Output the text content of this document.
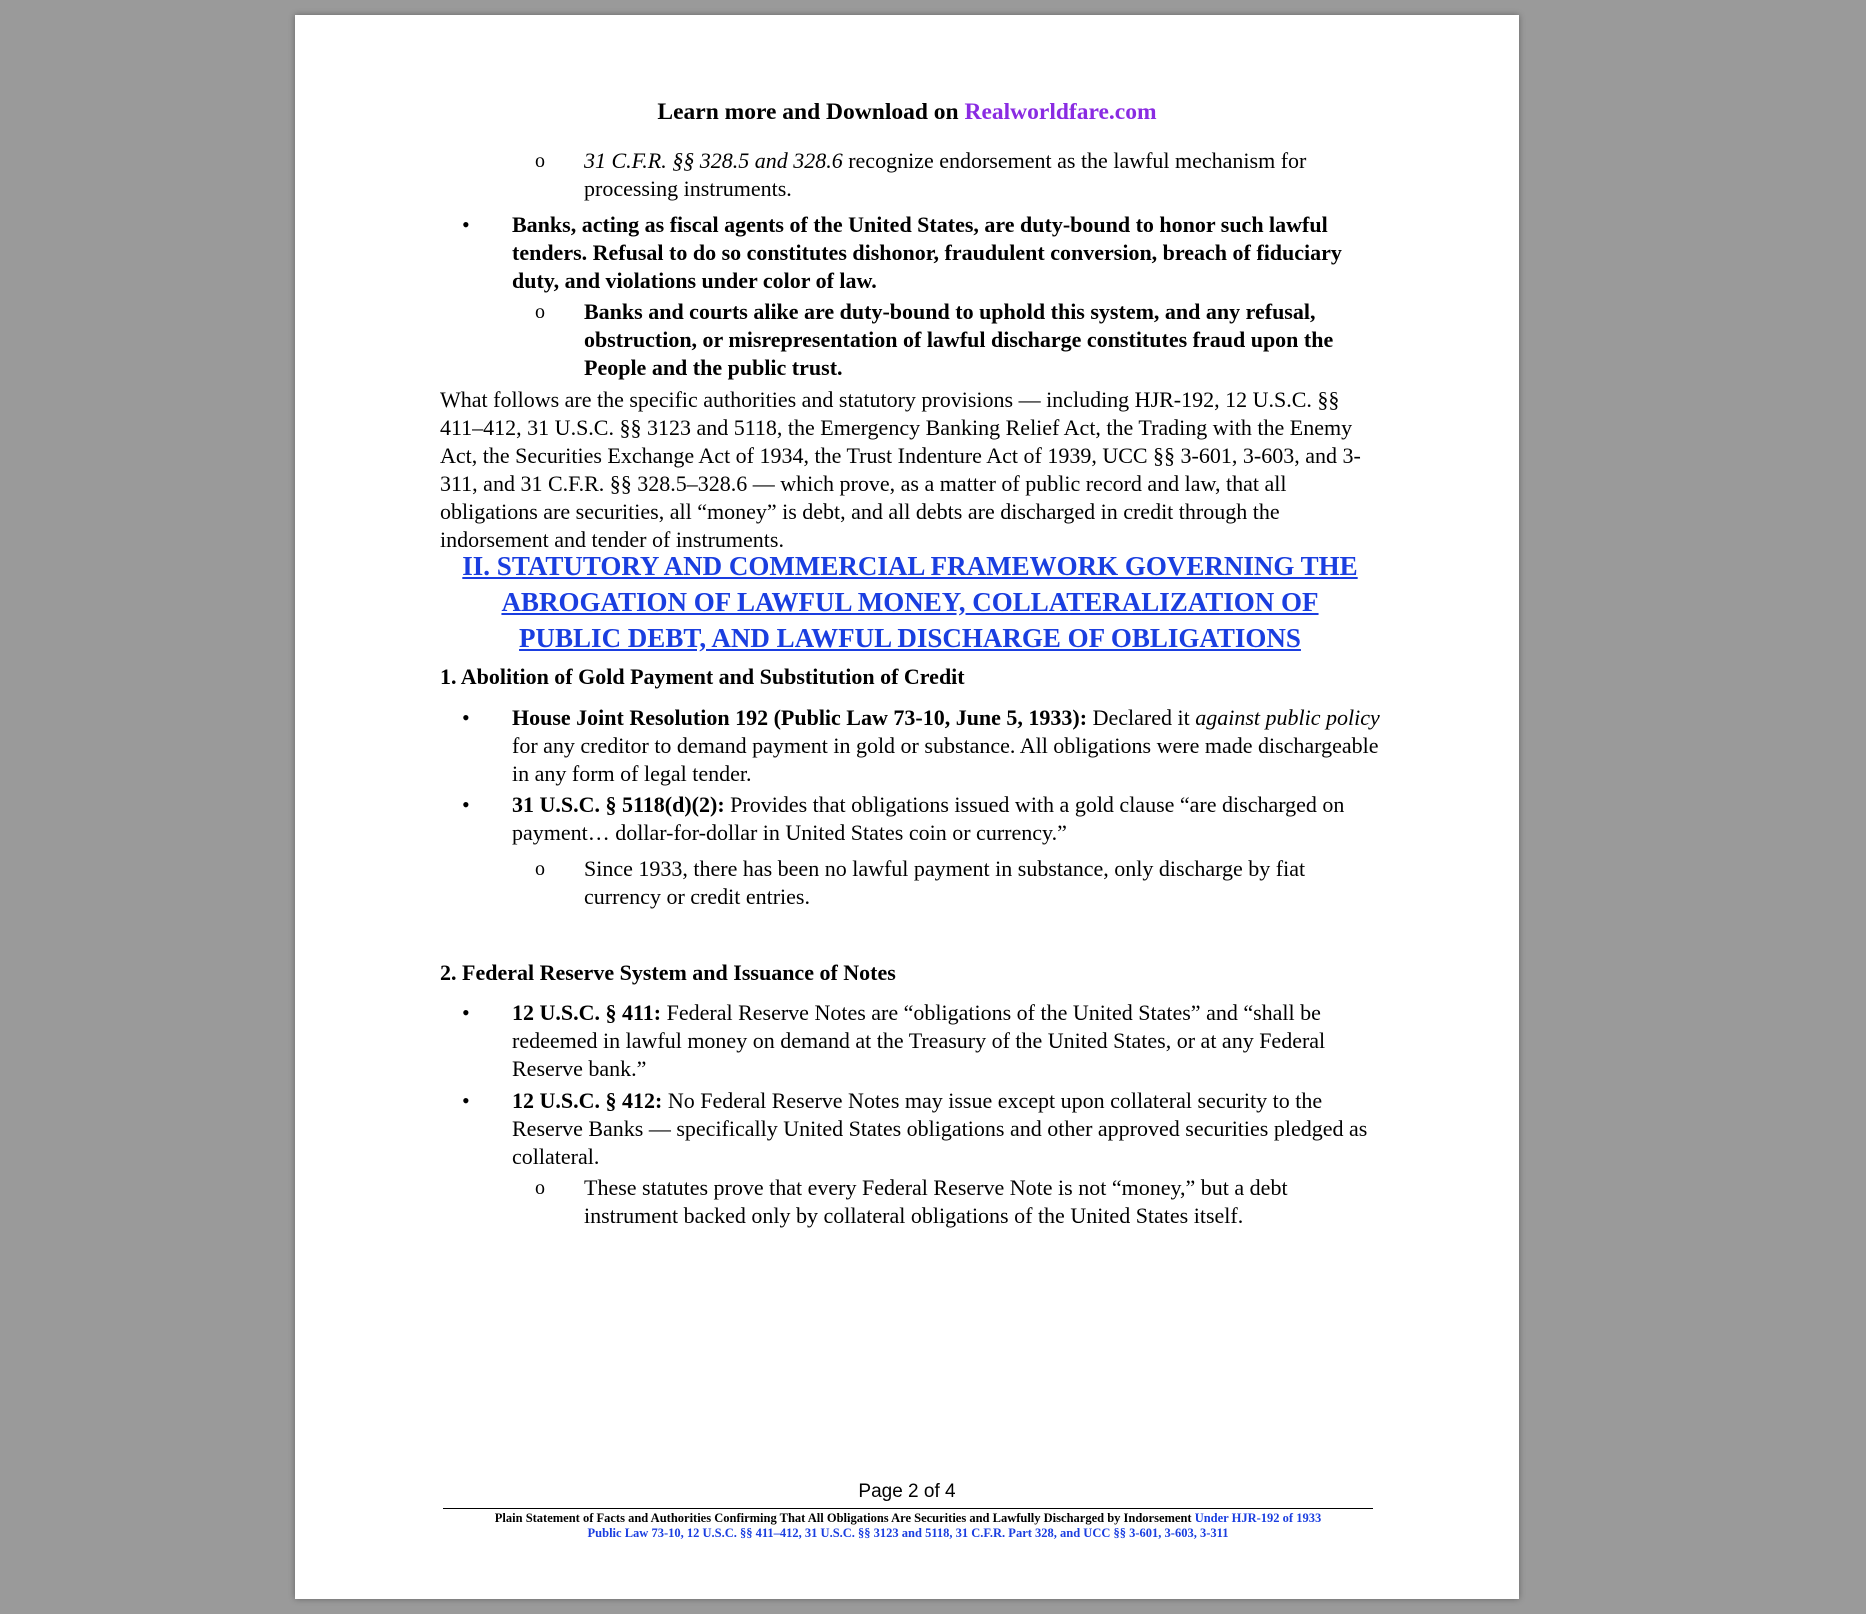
Learn more and Download on Realworldfare.com
o 31 C.F.R. §§ 328.5 and 328.6 recognize endorsement as the lawful mechanism for processing instruments.
• Banks, acting as fiscal agents of the United States, are duty-bound to honor such lawful tenders. Refusal to do so constitutes dishonor, fraudulent conversion, breach of fiduciary duty, and violations under color of law.
o Banks and courts alike are duty-bound to uphold this system, and any refusal, obstruction, or misrepresentation of lawful discharge constitutes fraud upon the People and the public trust.
What follows are the specific authorities and statutory provisions — including HJR-192, 12 U.S.C. §§ 411–412, 31 U.S.C. §§ 3123 and 5118, the Emergency Banking Relief Act, the Trading with the Enemy Act, the Securities Exchange Act of 1934, the Trust Indenture Act of 1939, UCC §§ 3-601, 3-603, and 3-311, and 31 C.F.R. §§ 328.5–328.6 — which prove, as a matter of public record and law, that all obligations are securities, all “money” is debt, and all debts are discharged in credit through the indorsement and tender of instruments.
II. STATUTORY AND COMMERCIAL FRAMEWORK GOVERNING THE
ABROGATION OF LAWFUL MONEY, COLLATERALIZATION OF
PUBLIC DEBT, AND LAWFUL DISCHARGE OF OBLIGATIONS
1. Abolition of Gold Payment and Substitution of Credit
• House Joint Resolution 192 (Public Law 73-10, June 5, 1933): Declared it against public policy for any creditor to demand payment in gold or substance. All obligations were made dischargeable in any form of legal tender.
• 31 U.S.C. § 5118(d)(2): Provides that obligations issued with a gold clause “are discharged on payment… dollar-for-dollar in United States coin or currency.”
o Since 1933, there has been no lawful payment in substance, only discharge by fiat currency or credit entries.
2. Federal Reserve System and Issuance of Notes
• 12 U.S.C. § 411: Federal Reserve Notes are “obligations of the United States” and “shall be redeemed in lawful money on demand at the Treasury of the United States, or at any Federal Reserve bank.”
• 12 U.S.C. § 412: No Federal Reserve Notes may issue except upon collateral security to the Reserve Banks — specifically United States obligations and other approved securities pledged as collateral.
o These statutes prove that every Federal Reserve Note is not “money,” but a debt instrument backed only by collateral obligations of the United States itself.
Page 2 of 4
Plain Statement of Facts and Authorities Confirming That All Obligations Are Securities and Lawfully Discharged by Indorsement Under HJR-192 of 1933
Public Law 73-10, 12 U.S.C. §§ 411–412, 31 U.S.C. §§ 3123 and 5118, 31 C.F.R. Part 328, and UCC §§ 3-601, 3-603, 3-311
